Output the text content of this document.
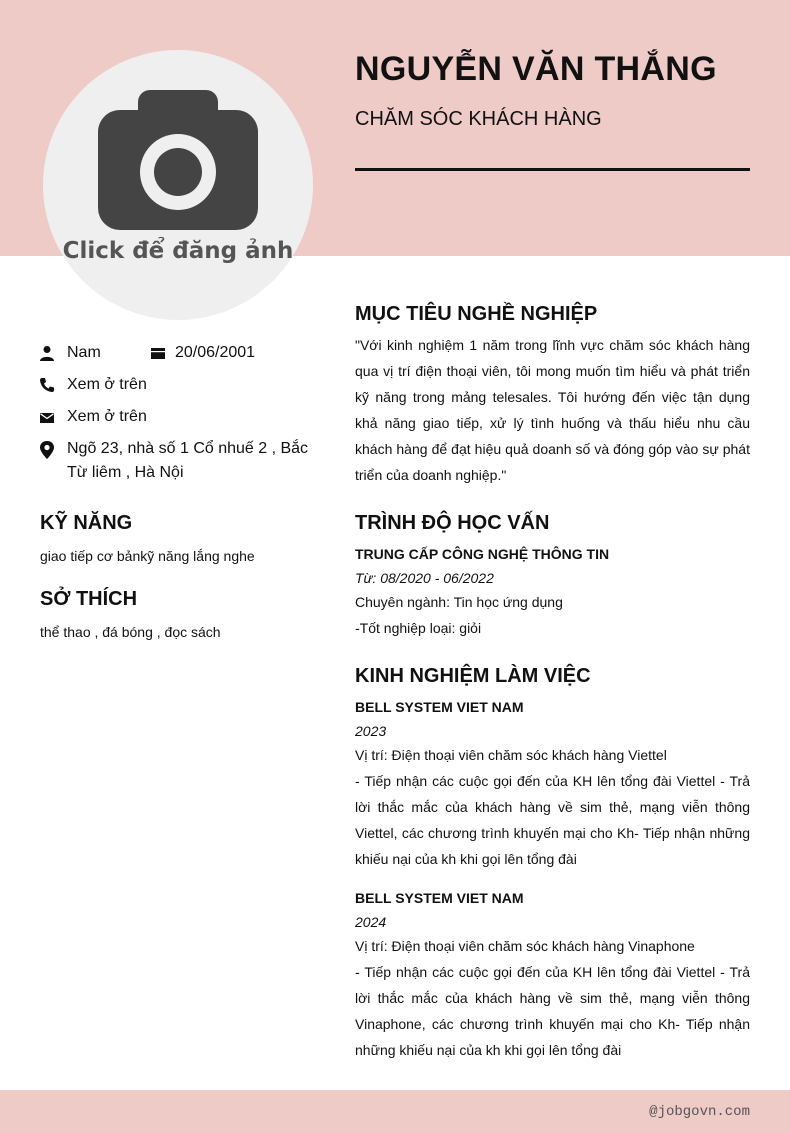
Click để đăng ảnh
NGUYỄN VĂN THẮNG
CHĂM SÓC KHÁCH HÀNG
Nam	20/06/2001
Xem ở trên
Xem ở trên
Ngõ 23, nhà số 1 Cổ nhuế 2 , Bắc
Từ liêm , Hà Nội
KỸ NĂNG
giao tiếp cơ bảnkỹ năng lắng nghe
SỞ THÍCH
thể thao , đá bóng , đọc sách
MỤC TIÊU NGHỀ NGHIỆP
"Với kinh nghiệm 1 năm trong lĩnh vực chăm sóc khách hàng qua vị trí điện thoại viên, tôi mong muốn tìm hiểu và phát triển kỹ năng trong mảng telesales. Tôi hướng đến việc tận dụng khả năng giao tiếp, xử lý tình huống và thấu hiểu nhu cầu khách hàng để đạt hiệu quả doanh số và đóng góp vào sự phát triển của doanh nghiệp."
TRÌNH ĐỘ HỌC VẤN
TRUNG CẤP CÔNG NGHỆ THÔNG TIN
Từ: 08/2020 - 06/2022
Chuyên ngành: Tin học ứng dụng
-Tốt nghiệp loại: giỏi
KINH NGHIỆM LÀM VIỆC
BELL SYSTEM VIET NAM
2023
Vị trí: Điện thoại viên chăm sóc khách hàng Viettel
- Tiếp nhận các cuộc gọi đến của KH lên tổng đài Viettel - Trả lời thắc mắc của khách hàng về sim thẻ, mạng viễn thông Viettel, các chương trình khuyến mại cho Kh- Tiếp nhận những khiếu nại của kh khi gọi lên tổng đài
BELL SYSTEM VIET NAM
2024
Vị trí: Điện thoại viên chăm sóc khách hàng Vinaphone
- Tiếp nhận các cuộc gọi đến của KH lên tổng đài Viettel - Trả lời thắc mắc của khách hàng về sim thẻ, mạng viễn thông Vinaphone, các chương trình khuyến mại cho Kh- Tiếp nhận những khiếu nại của kh khi gọi lên tổng đài
@jobgovn.com
